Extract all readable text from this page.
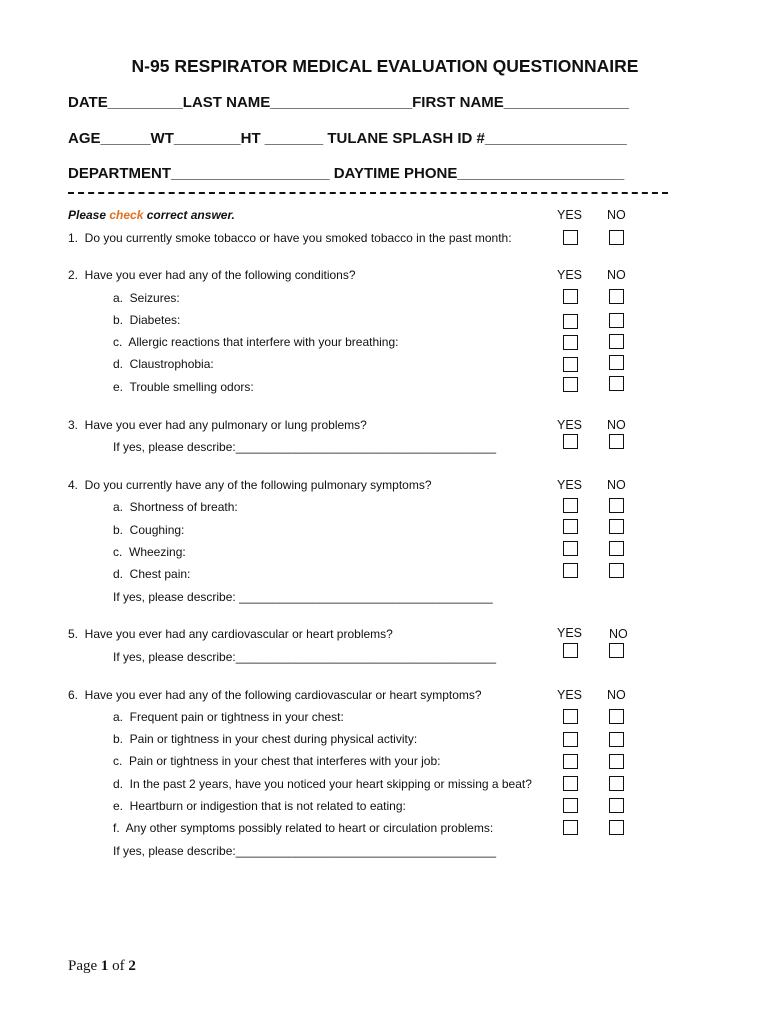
N-95 RESPIRATOR MEDICAL EVALUATION QUESTIONNAIRE
DATE_________LAST NAME_________________FIRST NAME_______________
AGE______WT________HT _______ TULANE SPLASH ID #_________________
DEPARTMENT___________________ DAYTIME PHONE____________________
Please check correct answer.	YES NO
1.  Do you currently smoke tobacco or have you smoked tobacco in the past month:
2.  Have you ever had any of the following conditions?	YES NO
a.  Seizures:
b.  Diabetes:
c.  Allergic reactions that interfere with your breathing:
d.  Claustrophobia:
e.  Trouble smelling odors:
3.  Have you ever had any pulmonary or lung problems?	YES NO
If yes, please describe:_______________________________________
4.  Do you currently have any of the following pulmonary symptoms?	YES NO
a.  Shortness of breath:
b.  Coughing:
c.  Wheezing:
d.  Chest pain:
If yes, please describe: ______________________________________
5.  Have you ever had any cardiovascular or heart problems?	YES NO
If yes, please describe:_______________________________________
6.  Have you ever had any of the following cardiovascular or heart symptoms?	YES NO
a.  Frequent pain or tightness in your chest:
b.  Pain or tightness in your chest during physical activity:
c.  Pain or tightness in your chest that interferes with your job:
d.  In the past 2 years, have you noticed your heart skipping or missing a beat?
e.  Heartburn or indigestion that is not related to eating:
f.  Any other symptoms possibly related to heart or circulation problems:
If yes, please describe:_______________________________________
Page 1 of 2
